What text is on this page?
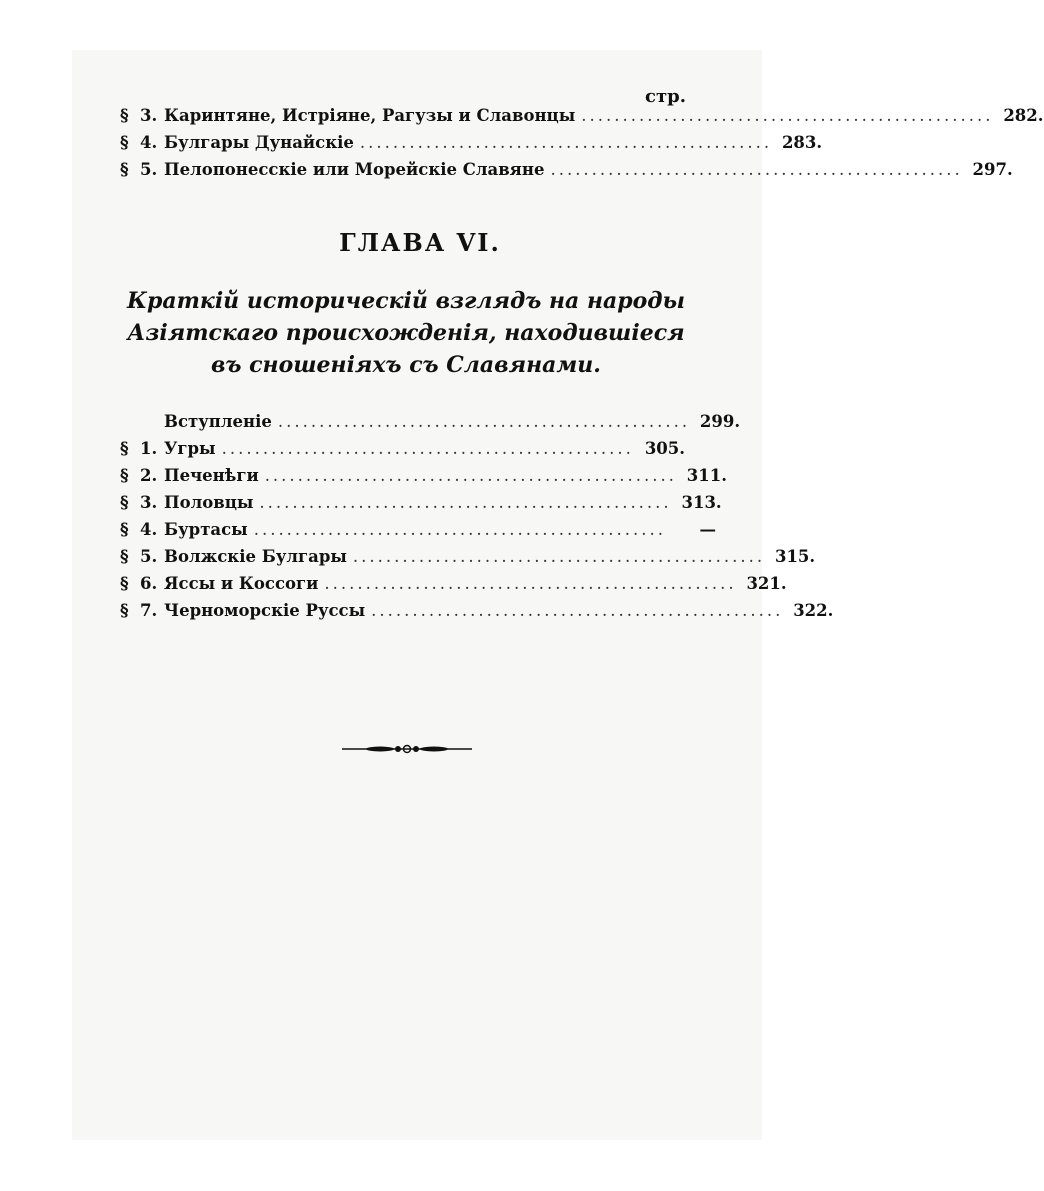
стр.
§ 3. Каринтяне, Истріяне, Рагузы и Славонцы .................................................. 282.
§ 4. Булгары Дунайскіе .................................................. 283.
§ 5. Пелопонесскіе или Морейскіе Славяне .................................................. 297.
ГЛАВА VI.
Краткій историческій взглядъ на народы Азіятскаго происхожденія, находившіеся въ сношеніяхъ съ Славянами.
Вступленіе .................................................. 299.
§ 1. Угры .................................................. 305.
§ 2. Печенѣги .................................................. 311.
§ 3. Половцы .................................................. 313.
§ 4. Буртасы ..................................................	—
§ 5. Волжскіе Булгары .................................................. 315.
§ 6. Ясcы и Коссоги .................................................. 321.
§ 7. Черноморскіе Руссы .................................................. 322.
